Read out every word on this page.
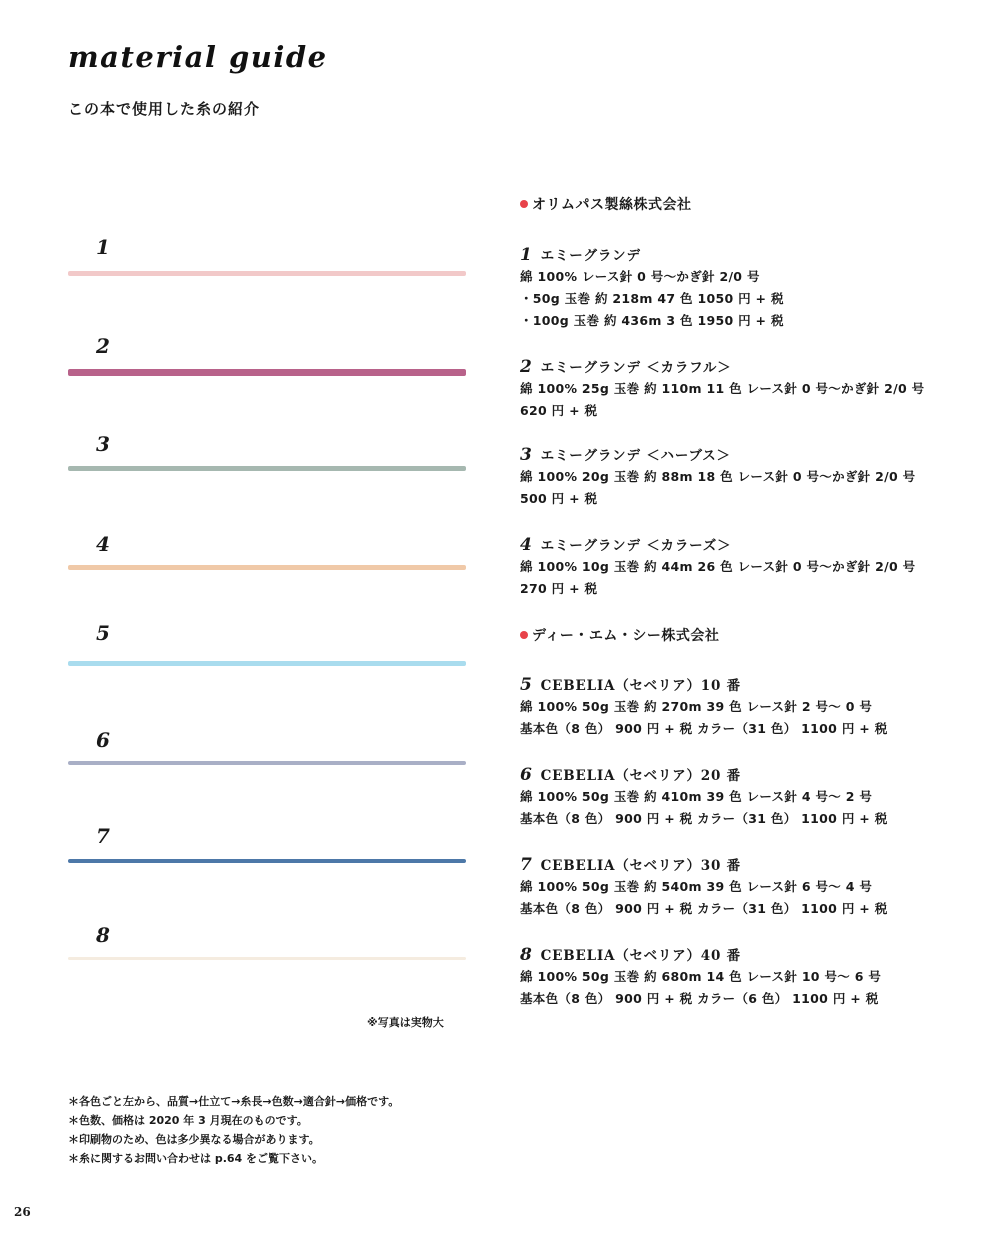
material guide
この本で使用した糸の紹介
1
2
3
4
5
6
7
8
※写真は実物大
オリムパス製絲株式会社
ディー・エム・シー株式会社
1 エミーグランデ
綿 100% レース針 0 号〜かぎ針 2/0 号
・50g 玉巻 約 218m 47 色 1050 円 + 税
・100g 玉巻 約 436m 3 色 1950 円 + 税
2 エミーグランデ ＜カラフル＞
綿 100% 25g 玉巻 約 110m 11 色 レース針 0 号〜かぎ針 2/0 号
620 円 + 税
3 エミーグランデ ＜ハーブス＞
綿 100% 20g 玉巻 約 88m 18 色 レース針 0 号〜かぎ針 2/0 号
500 円 + 税
4 エミーグランデ ＜カラーズ＞
綿 100% 10g 玉巻 約 44m 26 色 レース針 0 号〜かぎ針 2/0 号
270 円 + 税
5 CEBELIA（セベリア）10 番
綿 100% 50g 玉巻 約 270m 39 色 レース針 2 号〜 0 号
基本色（8 色） 900 円 + 税 カラー（31 色） 1100 円 + 税
6 CEBELIA（セベリア）20 番
綿 100% 50g 玉巻 約 410m 39 色 レース針 4 号〜 2 号
基本色（8 色） 900 円 + 税 カラー（31 色） 1100 円 + 税
7 CEBELIA（セベリア）30 番
綿 100% 50g 玉巻 約 540m 39 色 レース針 6 号〜 4 号
基本色（8 色） 900 円 + 税 カラー（31 色） 1100 円 + 税
8 CEBELIA（セベリア）40 番
綿 100% 50g 玉巻 約 680m 14 色 レース針 10 号〜 6 号
基本色（8 色） 900 円 + 税 カラー（6 色） 1100 円 + 税
＊各色ごと左から、品質→仕立て→糸長→色数→適合針→価格です。
＊色数、価格は 2020 年 3 月現在のものです。
＊印刷物のため、色は多少異なる場合があります。
＊糸に関するお問い合わせは p.64 をご覧下さい。
26
